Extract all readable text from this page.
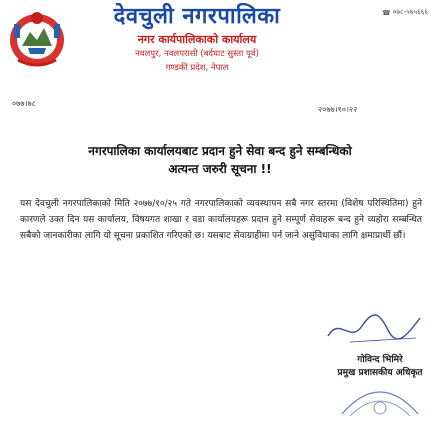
देवचुली नगरपालिका
नगर कार्यपालिकाको कार्यालय
नवलपुर, नवलपरासी (बर्दघाट सुस्ता पूर्व)
गण्डकी प्रदेश, नेपाल
☎ ०७८-५७५६६६
०७७।७८
२०७७।१०।२२
नगरपालिका कार्यालयबाट प्रदान हुने सेवा बन्द हुने सम्बन्धिको
अत्यन्त जरुरी सूचना !!
यस देवचुली नगरपालिकाको मिति २०७७/१०/२५ गते नगरपालिकाको व्यवस्थापन सबै नगर स्तरमा (विशेष परिस्थितिमा) हुने कारणले उक्त दिन यस कार्यालय, विषयगत शाखा र वडा कार्यालयहरू प्रदान हुने सम्पूर्ण सेवाहरू बन्द हुने व्यहोरा सम्बन्धित सबैको जानकारीका लागि यो सूचना प्रकाशित गरिएको छ। यसबाट सेवाग्राहीमा पर्न जाने असुविधाका लागि क्षमाप्रार्थी छौं।
गोविन्द भिमिरे
प्रमुख प्रशासकीय अधिकृत
